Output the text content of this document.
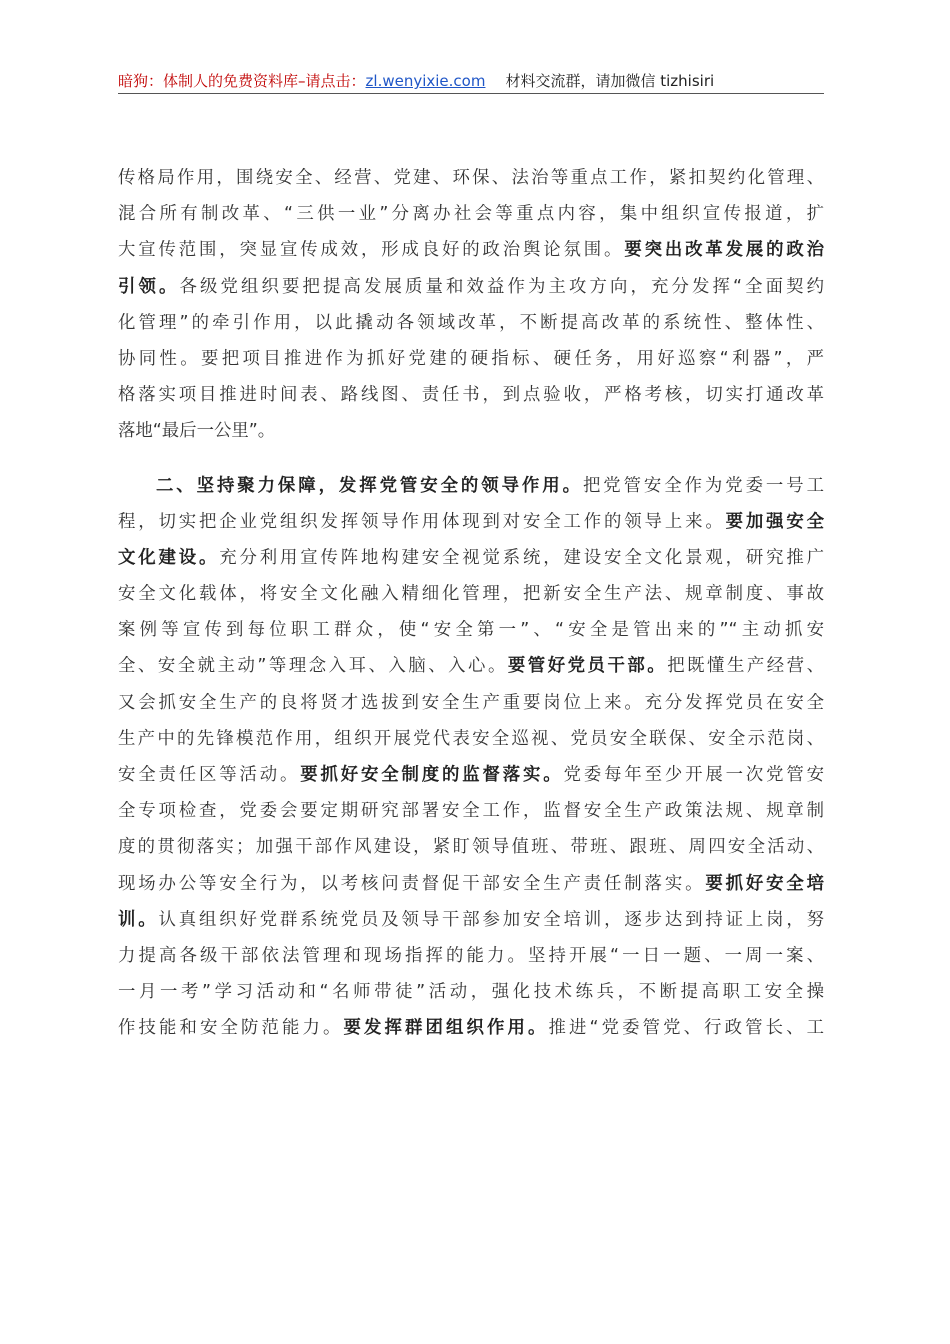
暗狗：体制人的免费资料库–请点击：zl.wenyixie.com 材料交流群，请加微信 tizhisiri
传格局作用，围绕安全、经营、党建、环保、法治等重点工作，紧扣契约化管理、
混合所有制改革、“三供一业”分离办社会等重点内容，集中组织宣传报道，扩
大宣传范围，突显宣传成效，形成良好的政治舆论氛围。要突出改革发展的政治
引领。各级党组织要把提高发展质量和效益作为主攻方向，充分发挥“全面契约
化管理”的牵引作用，以此撬动各领域改革，不断提高改革的系统性、整体性、
协同性。要把项目推进作为抓好党建的硬指标、硬任务，用好巡察“利器”，严
格落实项目推进时间表、路线图、责任书，到点验收，严格考核，切实打通改革
落地“最后一公里”。
二、坚持聚力保障，发挥党管安全的领导作用。把党管安全作为党委一号工
程，切实把企业党组织发挥领导作用体现到对安全工作的领导上来。要加强安全
文化建设。充分利用宣传阵地构建安全视觉系统，建设安全文化景观，研究推广
安全文化载体，将安全文化融入精细化管理，把新安全生产法、规章制度、事故
案例等宣传到每位职工群众，使“安全第一”、“安全是管出来的”“主动抓安
全、安全就主动”等理念入耳、入脑、入心。要管好党员干部。把既懂生产经营、
又会抓安全生产的良将贤才选拔到安全生产重要岗位上来。充分发挥党员在安全
生产中的先锋模范作用，组织开展党代表安全巡视、党员安全联保、安全示范岗、
安全责任区等活动。要抓好安全制度的监督落实。党委每年至少开展一次党管安
全专项检查，党委会要定期研究部署安全工作，监督安全生产政策法规、规章制
度的贯彻落实；加强干部作风建设，紧盯领导值班、带班、跟班、周四安全活动、
现场办公等安全行为，以考核问责督促干部安全生产责任制落实。要抓好安全培
训。认真组织好党群系统党员及领导干部参加安全培训，逐步达到持证上岗，努
力提高各级干部依法管理和现场指挥的能力。坚持开展“一日一题、一周一案、
一月一考”学习活动和“名师带徒”活动，强化技术练兵，不断提高职工安全操
作技能和安全防范能力。要发挥群团组织作用。推进“党委管党、行政管长、工
